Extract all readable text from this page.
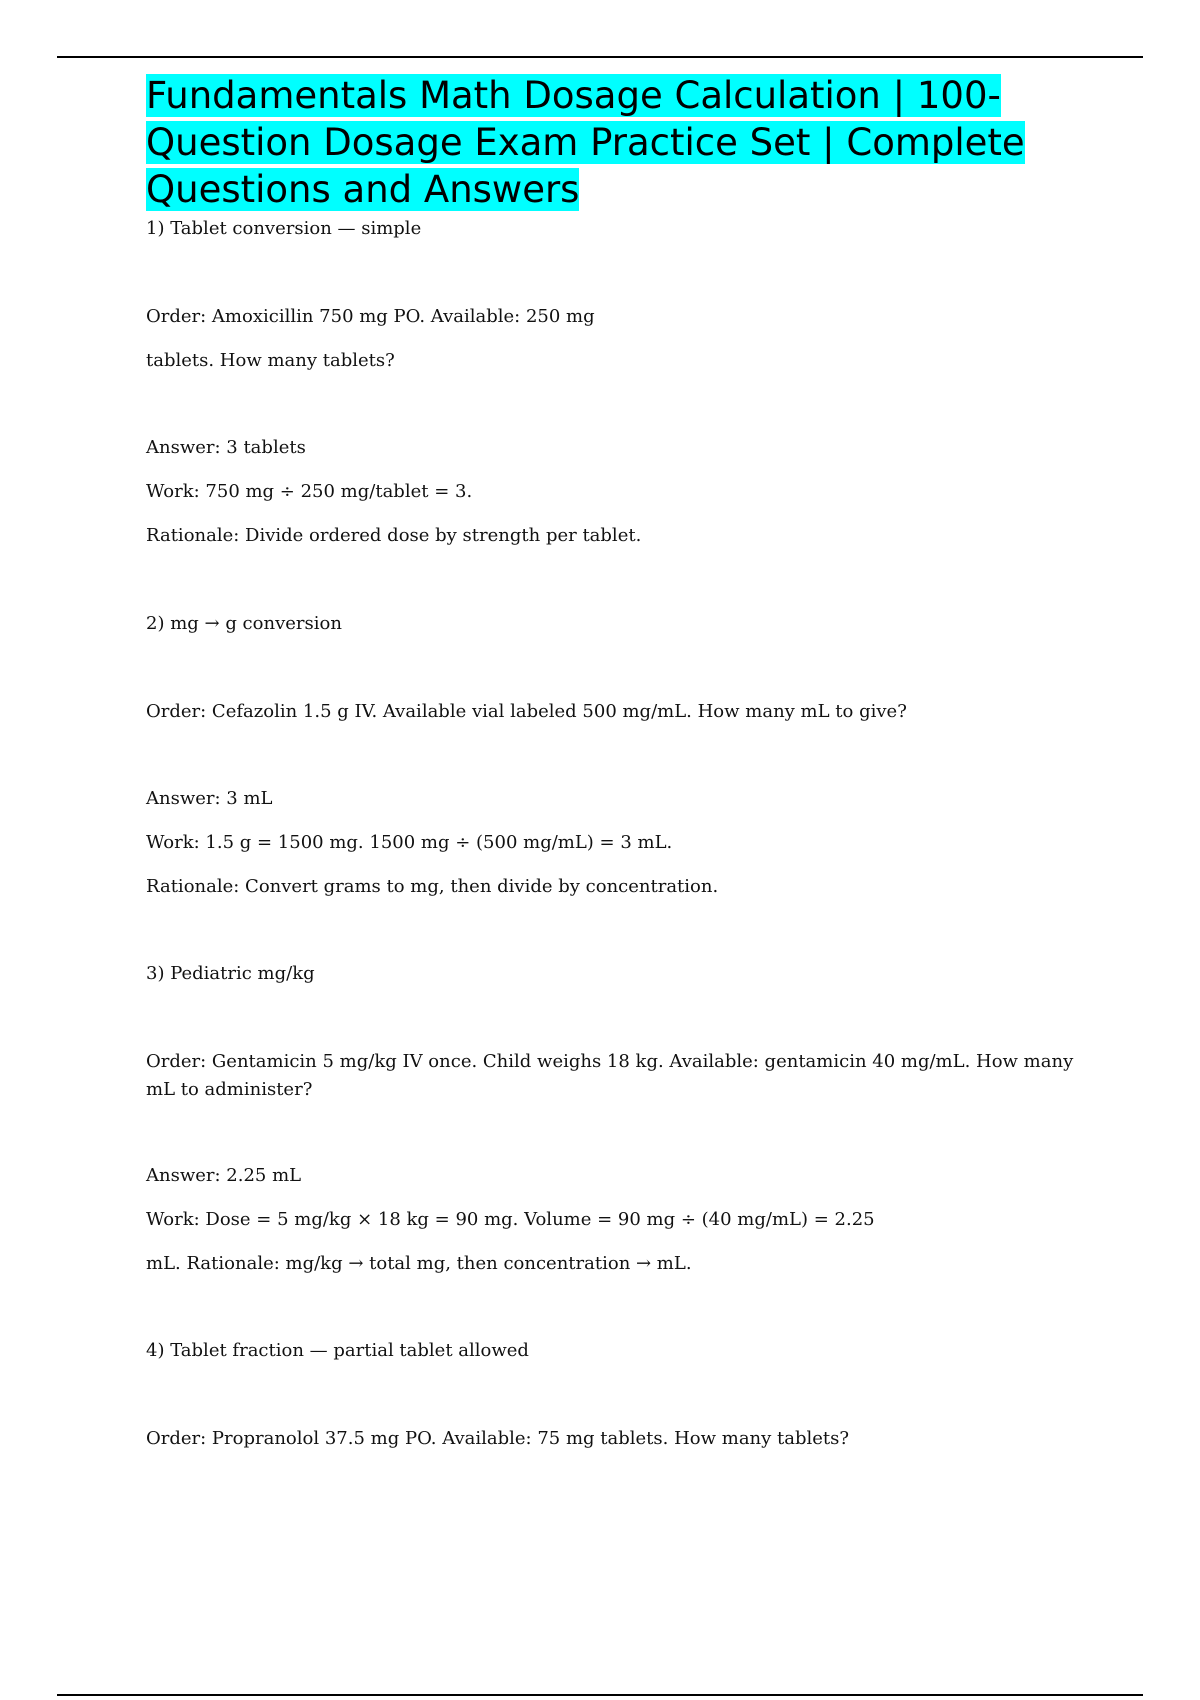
Fundamentals Math Dosage Calculation | 100-Question Dosage Exam Practice Set | Complete Questions and Answers

1) Tablet conversion — simple

Order: Amoxicillin 750 mg PO. Available: 250 mg

tablets. How many tablets?

Answer: 3 tablets

Work: 750 mg ÷ 250 mg/tablet = 3.

Rationale: Divide ordered dose by strength per tablet.

2) mg → g conversion

Order: Cefazolin 1.5 g IV. Available vial labeled 500 mg/mL. How many mL to give?

Answer: 3 mL

Work: 1.5 g = 1500 mg. 1500 mg ÷ (500 mg/mL) = 3 mL.

Rationale: Convert grams to mg, then divide by concentration.

3) Pediatric mg/kg

Order: Gentamicin 5 mg/kg IV once. Child weighs 18 kg. Available: gentamicin 40 mg/mL. How many mL to administer?

Answer: 2.25 mL

Work: Dose = 5 mg/kg × 18 kg = 90 mg. Volume = 90 mg ÷ (40 mg/mL) = 2.25

mL. Rationale: mg/kg → total mg, then concentration → mL.

4) Tablet fraction — partial tablet allowed

Order: Propranolol 37.5 mg PO. Available: 75 mg tablets. How many tablets?
